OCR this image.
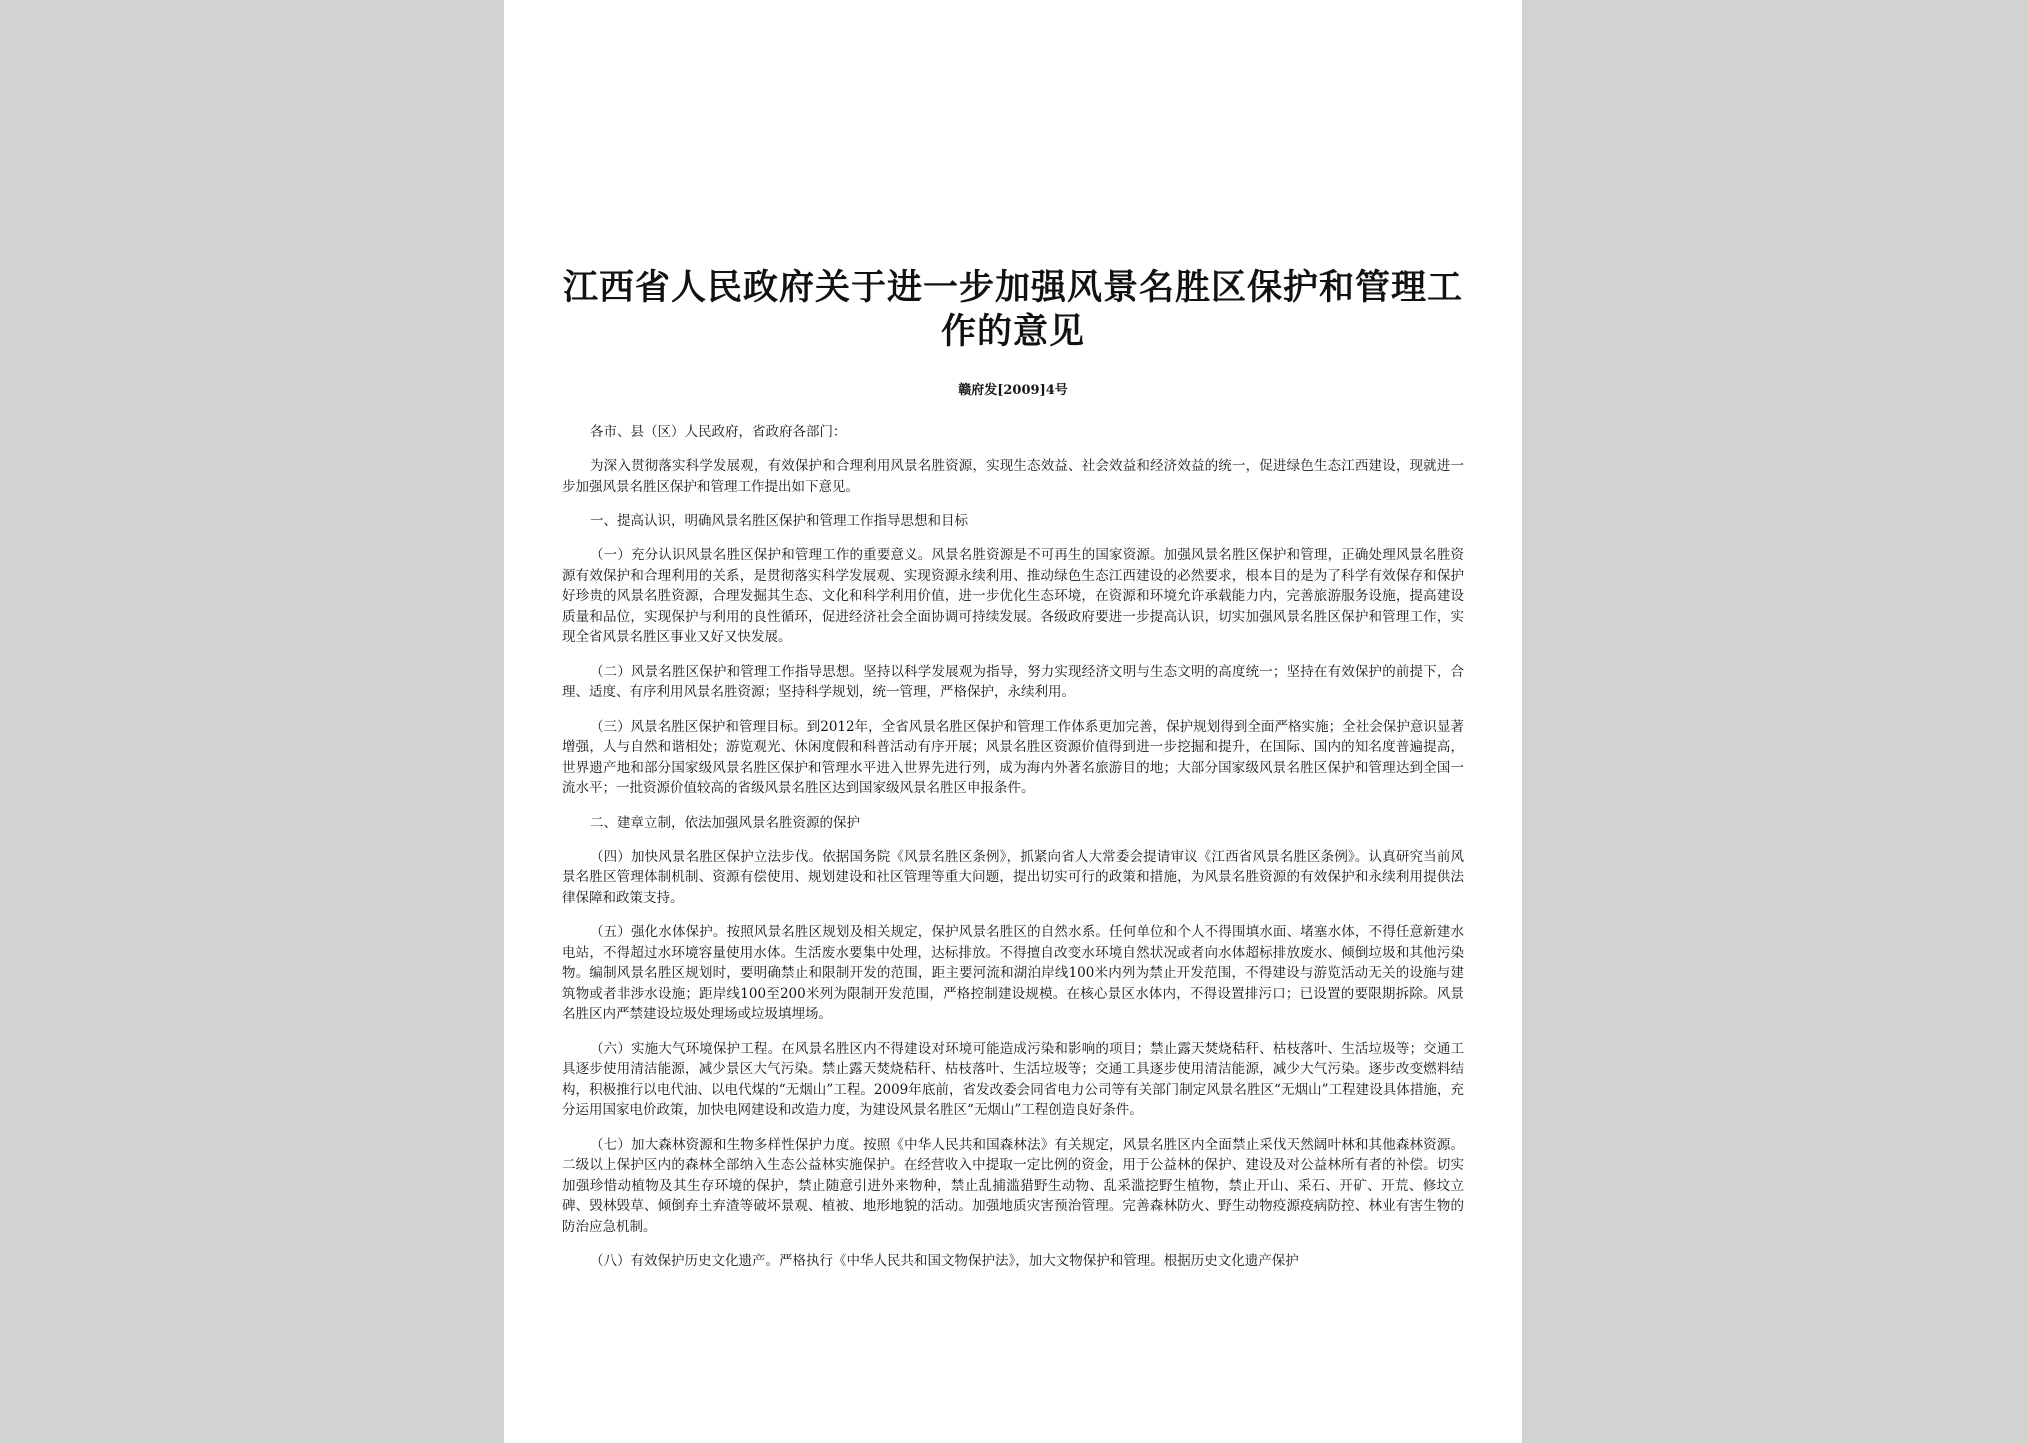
江西省人民政府关于进一步加强风景名胜区保护和管理工作的意见
赣府发[2009]4号

各市、县（区）人民政府，省政府各部门：

为深入贯彻落实科学发展观，有效保护和合理利用风景名胜资源，实现生态效益、社会效益和经济效益的统一，促进绿色生态江西建设，现就进一步加强风景名胜区保护和管理工作提出如下意见。

一、提高认识，明确风景名胜区保护和管理工作指导思想和目标

（一）充分认识风景名胜区保护和管理工作的重要意义。风景名胜资源是不可再生的国家资源。加强风景名胜区保护和管理，正确处理风景名胜资源有效保护和合理利用的关系，是贯彻落实科学发展观、实现资源永续利用、推动绿色生态江西建设的必然要求，根本目的是为了科学有效保存和保护好珍贵的风景名胜资源，合理发掘其生态、文化和科学利用价值，进一步优化生态环境，在资源和环境允许承载能力内，完善旅游服务设施，提高建设质量和品位，实现保护与利用的良性循环，促进经济社会全面协调可持续发展。各级政府要进一步提高认识，切实加强风景名胜区保护和管理工作，实现全省风景名胜区事业又好又快发展。

（二）风景名胜区保护和管理工作指导思想。坚持以科学发展观为指导，努力实现经济文明与生态文明的高度统一；坚持在有效保护的前提下，合理、适度、有序利用风景名胜资源；坚持科学规划，统一管理，严格保护，永续利用。

（三）风景名胜区保护和管理目标。到2012年，全省风景名胜区保护和管理工作体系更加完善，保护规划得到全面严格实施；全社会保护意识显著增强，人与自然和谐相处；游览观光、休闲度假和科普活动有序开展；风景名胜区资源价值得到进一步挖掘和提升，在国际、国内的知名度普遍提高，世界遗产地和部分国家级风景名胜区保护和管理水平进入世界先进行列，成为海内外著名旅游目的地；大部分国家级风景名胜区保护和管理达到全国一流水平；一批资源价值较高的省级风景名胜区达到国家级风景名胜区申报条件。

二、建章立制，依法加强风景名胜资源的保护

（四）加快风景名胜区保护立法步伐。依据国务院《风景名胜区条例》，抓紧向省人大常委会提请审议《江西省风景名胜区条例》。认真研究当前风景名胜区管理体制机制、资源有偿使用、规划建设和社区管理等重大问题，提出切实可行的政策和措施，为风景名胜资源的有效保护和永续利用提供法律保障和政策支持。

（五）强化水体保护。按照风景名胜区规划及相关规定，保护风景名胜区的自然水系。任何单位和个人不得围填水面、堵塞水体，不得任意新建水电站，不得超过水环境容量使用水体。生活废水要集中处理，达标排放。不得擅自改变水环境自然状况或者向水体超标排放废水、倾倒垃圾和其他污染物。编制风景名胜区规划时，要明确禁止和限制开发的范围，距主要河流和湖泊岸线100米内列为禁止开发范围，不得建设与游览活动无关的设施与建筑物或者非涉水设施；距岸线100至200米列为限制开发范围，严格控制建设规模。在核心景区水体内，不得设置排污口；已设置的要限期拆除。风景名胜区内严禁建设垃圾处理场或垃圾填埋场。

（六）实施大气环境保护工程。在风景名胜区内不得建设对环境可能造成污染和影响的项目；禁止露天焚烧秸秆、枯枝落叶、生活垃圾等；交通工具逐步使用清洁能源，减少景区大气污染。禁止露天焚烧秸秆、枯枝落叶、生活垃圾等；交通工具逐步使用清洁能源，减少大气污染。逐步改变燃料结构，积极推行以电代油、以电代煤的“无烟山”工程。2009年底前，省发改委会同省电力公司等有关部门制定风景名胜区“无烟山”工程建设具体措施，充分运用国家电价政策，加快电网建设和改造力度，为建设风景名胜区“无烟山”工程创造良好条件。

（七）加大森林资源和生物多样性保护力度。按照《中华人民共和国森林法》有关规定，风景名胜区内全面禁止采伐天然阔叶林和其他森林资源。二级以上保护区内的森林全部纳入生态公益林实施保护。在经营收入中提取一定比例的资金，用于公益林的保护、建设及对公益林所有者的补偿。切实加强珍惜动植物及其生存环境的保护，禁止随意引进外来物种，禁止乱捕滥猎野生动物、乱采滥挖野生植物，禁止开山、采石、开矿、开荒、修坟立碑、毁林毁草、倾倒弃土弃渣等破坏景观、植被、地形地貌的活动。加强地质灾害预治管理。完善森林防火、野生动物疫源疫病防控、林业有害生物的防治应急机制。

（八）有效保护历史文化遗产。严格执行《中华人民共和国文物保护法》，加大文物保护和管理。根据历史文化遗产保护
